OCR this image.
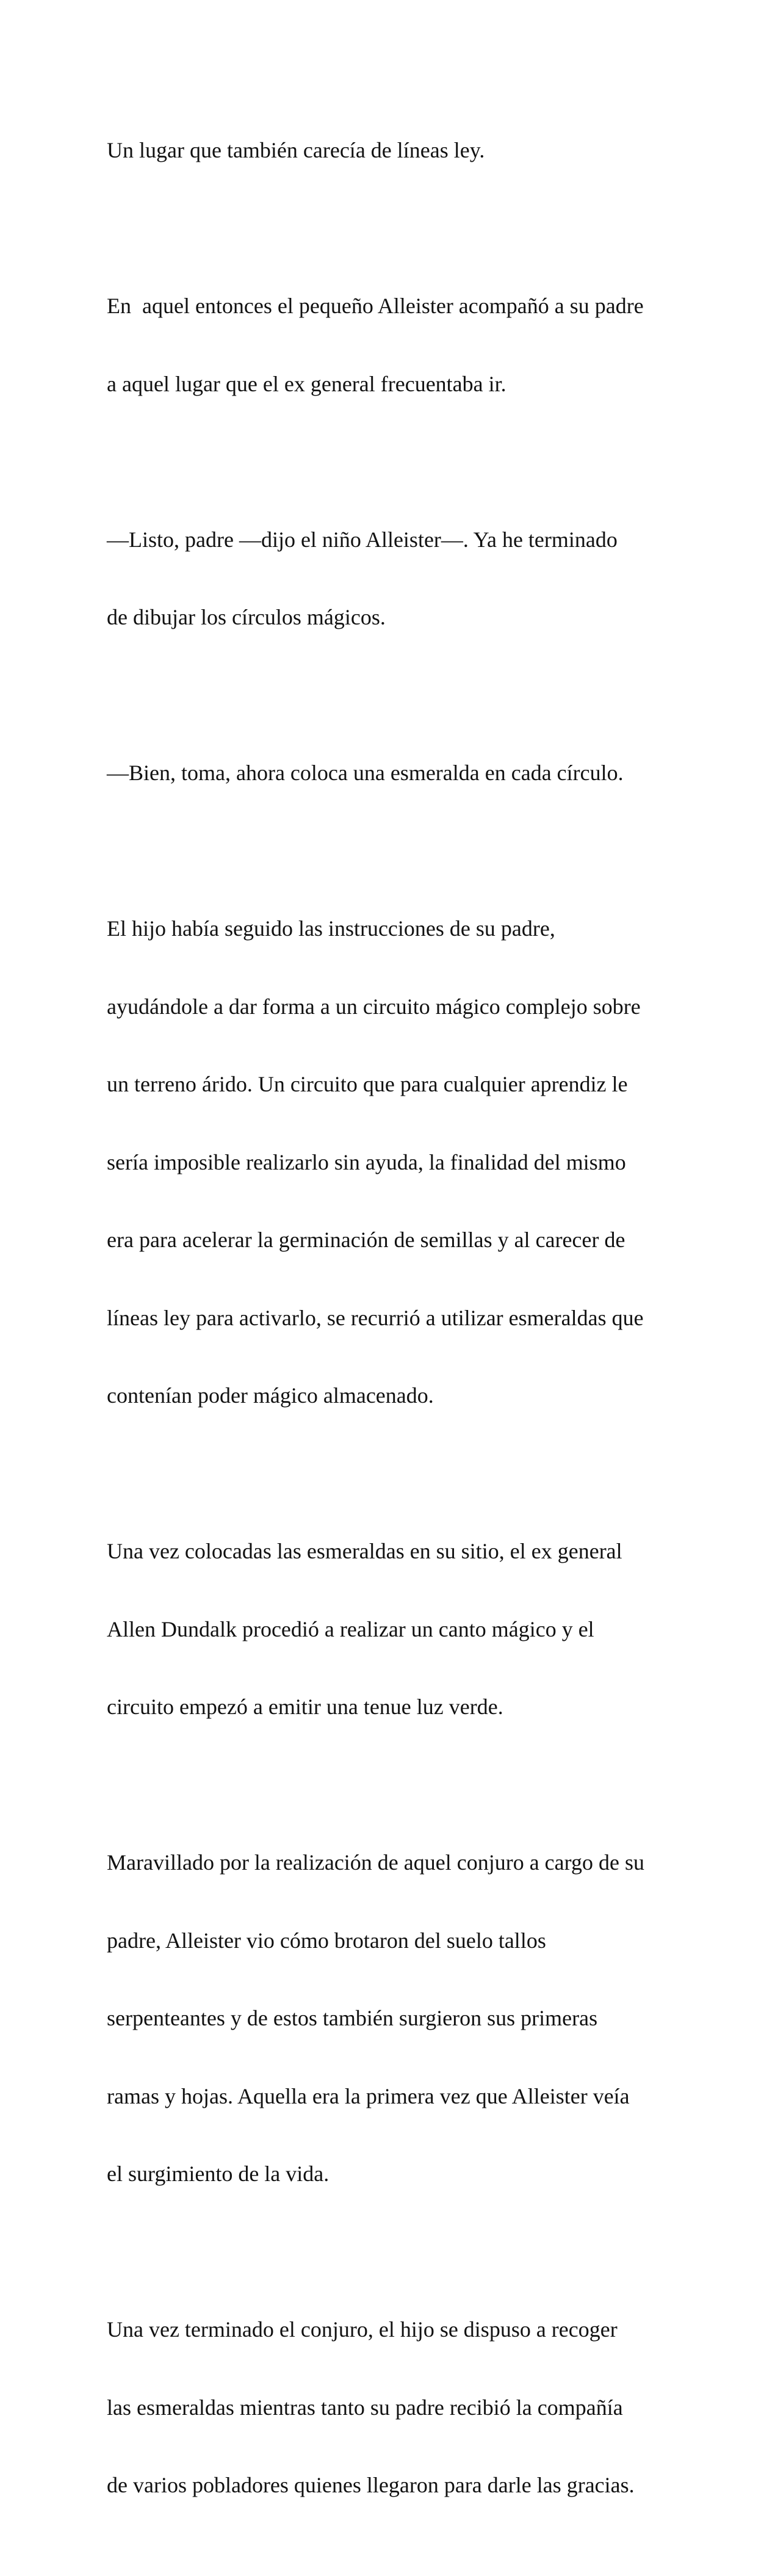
Un lugar que también carecía de líneas ley.

En  aquel entonces el pequeño Alleister acompañó a su padre

a aquel lugar que el ex general frecuentaba ir.

—Listo, padre —dijo el niño Alleister—. Ya he terminado

de dibujar los círculos mágicos.

—Bien, toma, ahora coloca una esmeralda en cada círculo.

El hijo había seguido las instrucciones de su padre,

ayudándole a dar forma a un circuito mágico complejo sobre

un terreno árido. Un circuito que para cualquier aprendiz le

sería imposible realizarlo sin ayuda, la finalidad del mismo

era para acelerar la germinación de semillas y al carecer de

líneas ley para activarlo, se recurrió a utilizar esmeraldas que

contenían poder mágico almacenado.

Una vez colocadas las esmeraldas en su sitio, el ex general

Allen Dundalk procedió a realizar un canto mágico y el

circuito empezó a emitir una tenue luz verde.

Maravillado por la realización de aquel conjuro a cargo de su

padre, Alleister vio cómo brotaron del suelo tallos

serpenteantes y de estos también surgieron sus primeras

ramas y hojas. Aquella era la primera vez que Alleister veía

el surgimiento de la vida.

Una vez terminado el conjuro, el hijo se dispuso a recoger

las esmeraldas mientras tanto su padre recibió la compañía

de varios pobladores quienes llegaron para darle las gracias.
